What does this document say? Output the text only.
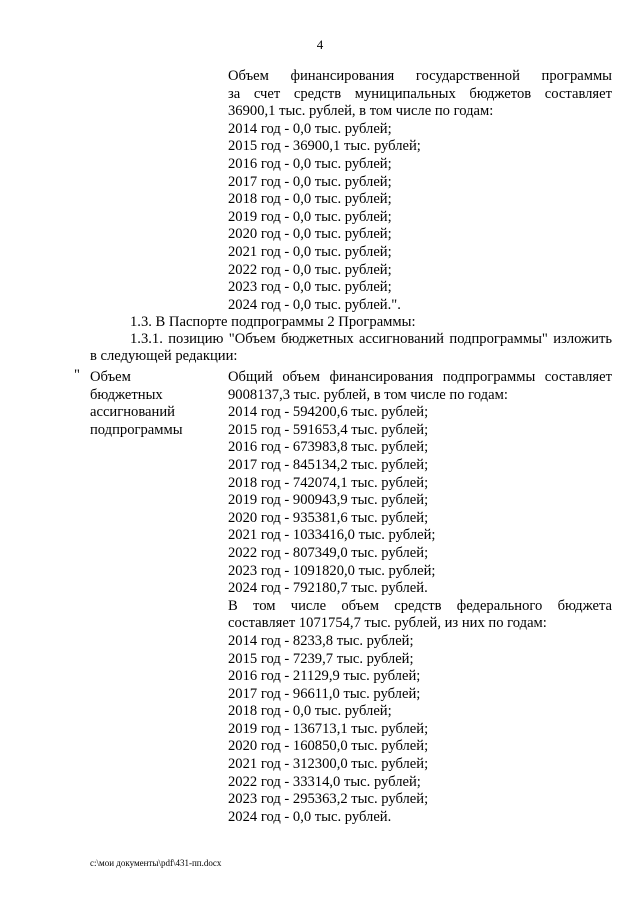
4
Объем финансирования государственной программы
за счет средств муниципальных бюджетов составляет
36900,1 тыс. рублей, в том числе по годам:
2014 год - 0,0 тыс. рублей;
2015 год - 36900,1 тыс. рублей;
2016 год - 0,0 тыс. рублей;
2017 год - 0,0 тыс. рублей;
2018 год - 0,0 тыс. рублей;
2019 год - 0,0 тыс. рублей;
2020 год - 0,0 тыс. рублей;
2021 год - 0,0 тыс. рублей;
2022 год - 0,0 тыс. рублей;
2023 год - 0,0 тыс. рублей;
2024 год - 0,0 тыс. рублей.".
1.3. В Паспорте подпрограммы 2 Программы:
1.3.1. позицию "Объем бюджетных ассигнований подпрограммы" изложить
в следующей редакции:
" Объем
бюджетных
ассигнований
подпрограммы
Общий объем финансирования подпрограммы составляет
9008137,3 тыс. рублей, в том числе по годам:
2014 год - 594200,6 тыс. рублей;
2015 год - 591653,4 тыс. рублей;
2016 год - 673983,8 тыс. рублей;
2017 год - 845134,2 тыс. рублей;
2018 год - 742074,1 тыс. рублей;
2019 год - 900943,9 тыс. рублей;
2020 год - 935381,6 тыс. рублей;
2021 год - 1033416,0 тыс. рублей;
2022 год - 807349,0 тыс. рублей;
2023 год - 1091820,0 тыс. рублей;
2024 год - 792180,7 тыс. рублей.
В том числе объем средств федерального бюджета
составляет 1071754,7 тыс. рублей, из них по годам:
2014 год - 8233,8 тыс. рублей;
2015 год - 7239,7 тыс. рублей;
2016 год - 21129,9 тыс. рублей;
2017 год - 96611,0 тыс. рублей;
2018 год - 0,0 тыс. рублей;
2019 год - 136713,1 тыс. рублей;
2020 год - 160850,0 тыс. рублей;
2021 год - 312300,0 тыс. рублей;
2022 год - 33314,0 тыс. рублей;
2023 год - 295363,2 тыс. рублей;
2024 год - 0,0 тыс. рублей.
c:\мои документы\pdf\431-пп.docx
